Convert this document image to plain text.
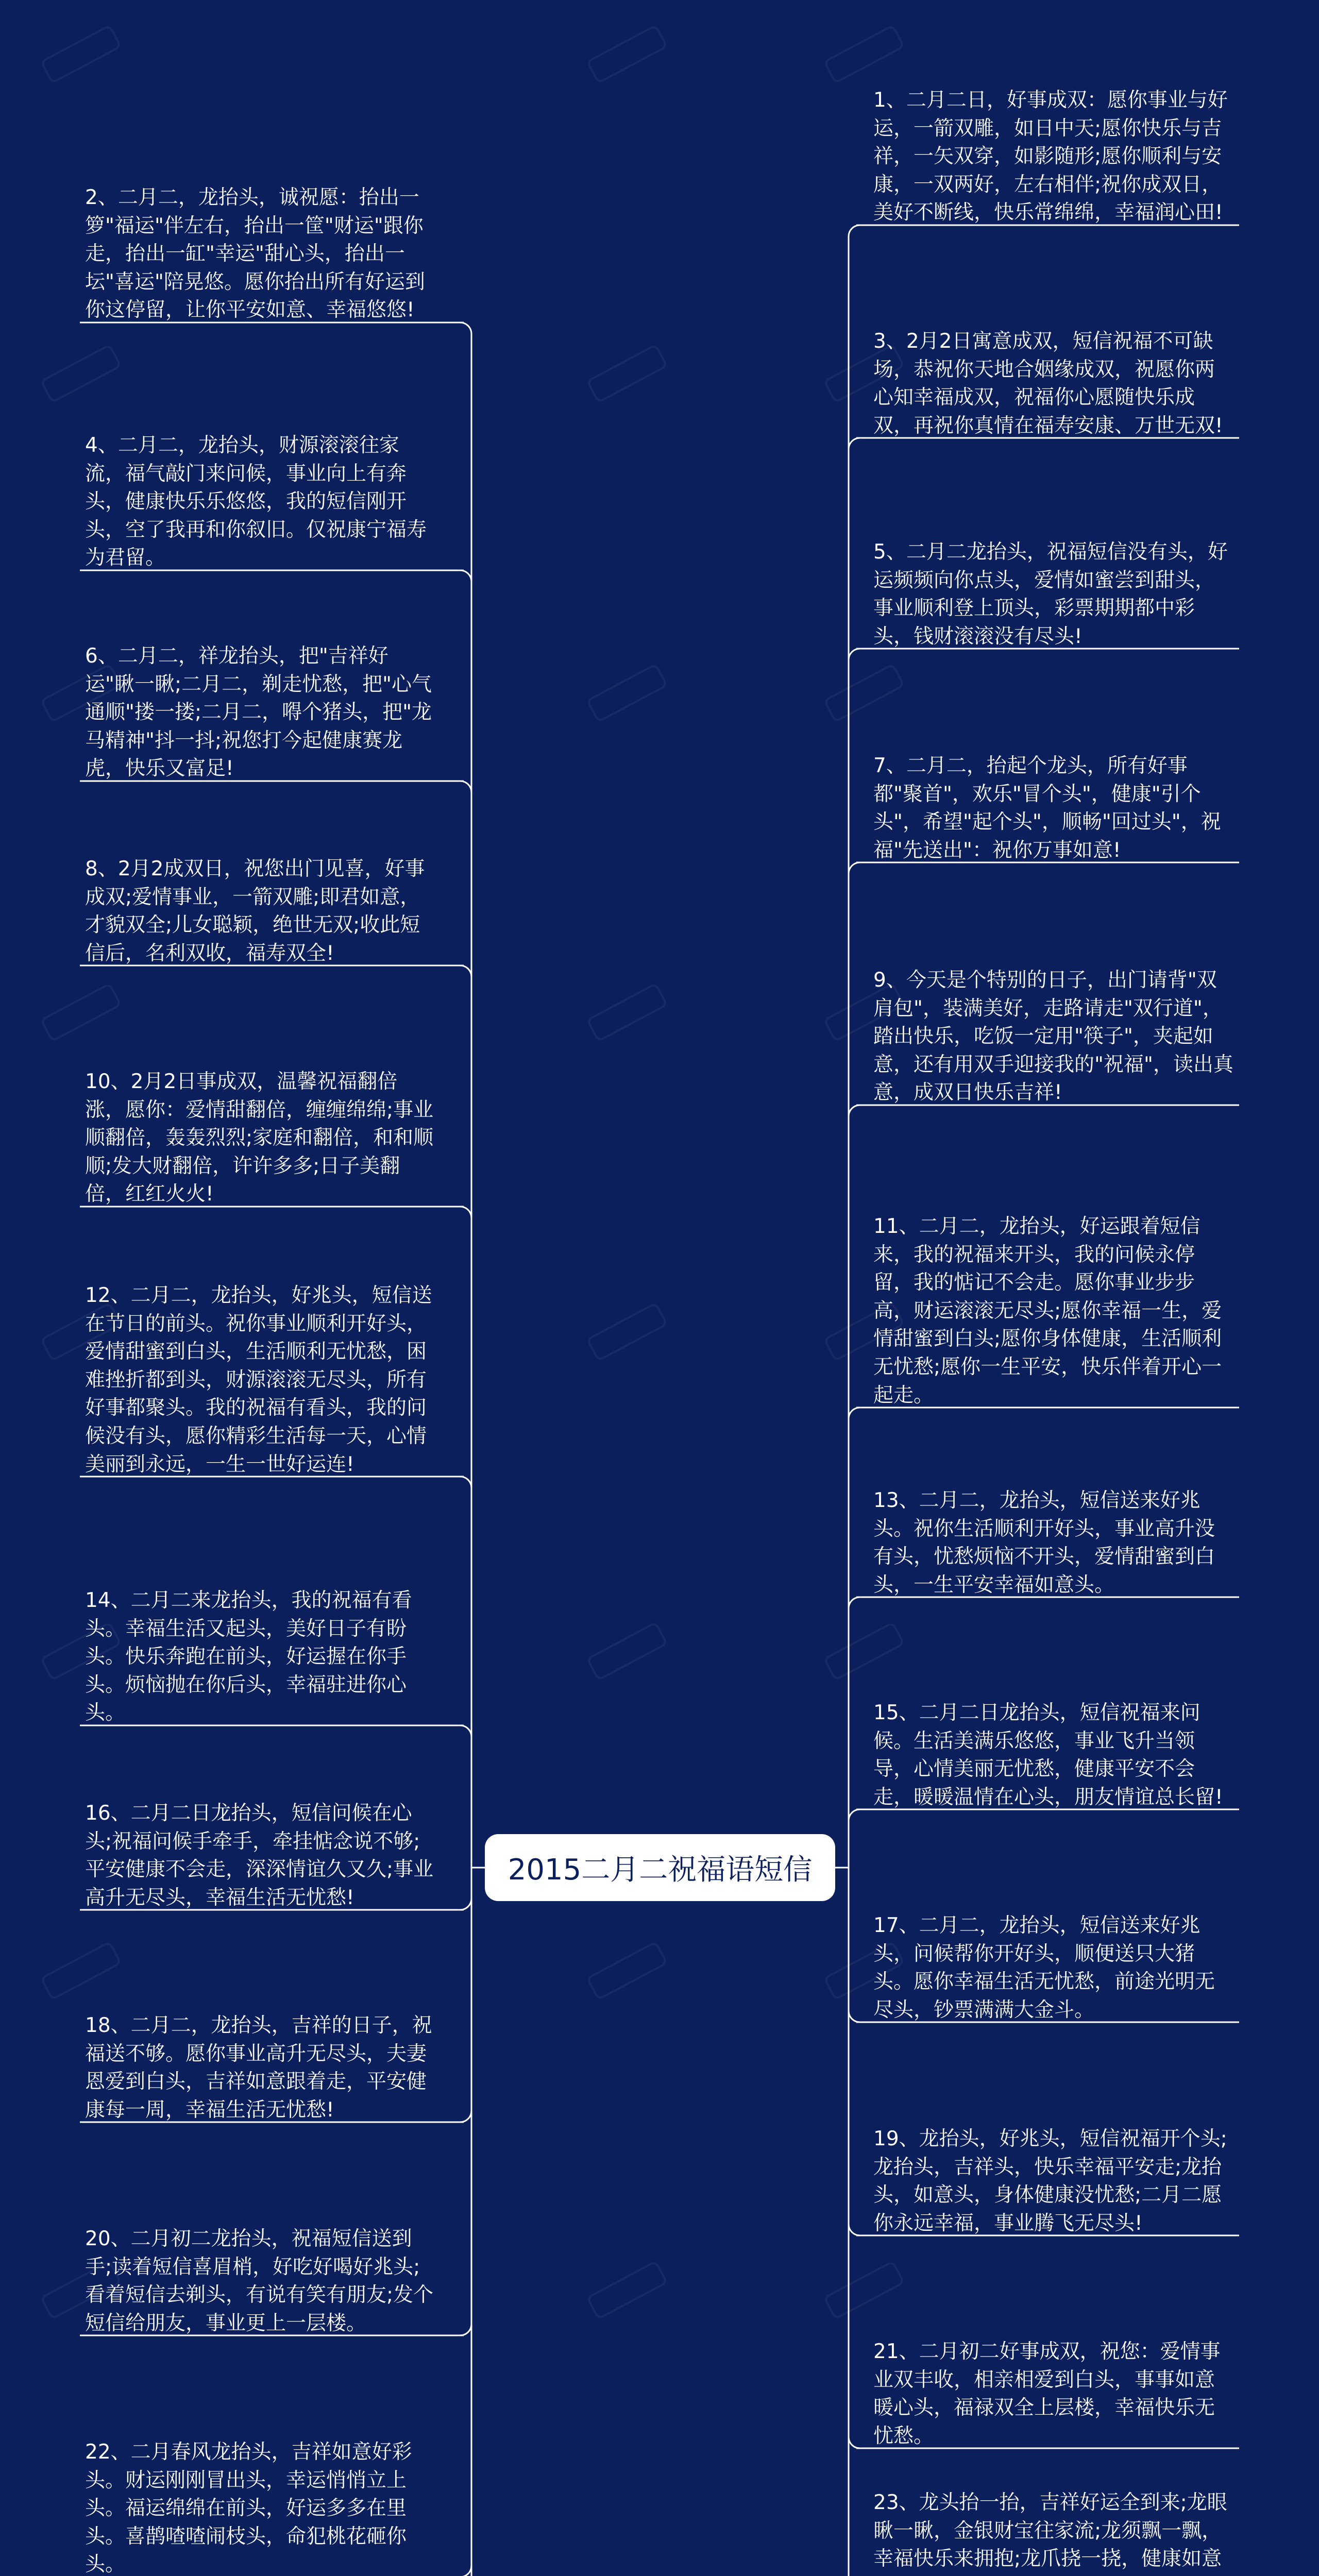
2015二月二祝福语短信

2、二月二，龙抬头，诚祝愿：抬出一箩"福运"伴左右，抬出一筐"财运"跟你走，抬出一缸"幸运"甜心头，抬出一坛"喜运"陪晃悠。愿你抬出所有好运到你这停留，让你平安如意、幸福悠悠!

4、二月二，龙抬头，财源滚滚往家流，福气敲门来问候，事业向上有奔头，健康快乐乐悠悠，我的短信刚开头，空了我再和你叙旧。仅祝康宁福寿为君留。

6、二月二，祥龙抬头，把"吉祥好运"瞅一瞅;二月二，剃走忧愁，把"心气通顺"搂一搂;二月二，嘚个猪头，把"龙马精神"抖一抖;祝您打今起健康赛龙虎，快乐又富足!

8、2月2成双日，祝您出门见喜，好事成双;爱情事业，一箭双雕;即君如意，才貌双全;儿女聪颖，绝世无双;收此短信后，名利双收，福寿双全!

10、2月2日事成双，温馨祝福翻倍涨，愿你：爱情甜翻倍，缠缠绵绵;事业顺翻倍，轰轰烈烈;家庭和翻倍，和和顺顺;发大财翻倍，许许多多;日子美翻倍，红红火火!

12、二月二，龙抬头，好兆头，短信送在节日的前头。祝你事业顺利开好头，爱情甜蜜到白头，生活顺利无忧愁，困难挫折都到头，财源滚滚无尽头，所有好事都聚头。我的祝福有看头，我的问候没有头，愿你精彩生活每一天，心情美丽到永远，一生一世好运连!

14、二月二来龙抬头，我的祝福有看头。幸福生活又起头，美好日子有盼头。快乐奔跑在前头，好运握在你手头。烦恼抛在你后头，幸福驻进你心头。

16、二月二日龙抬头，短信问候在心头;祝福问候手牵手，牵挂惦念说不够;平安健康不会走，深深情谊久又久;事业高升无尽头，幸福生活无忧愁!

18、二月二，龙抬头，吉祥的日子，祝福送不够。愿你事业高升无尽头，夫妻恩爱到白头，吉祥如意跟着走，平安健康每一周，幸福生活无忧愁!

20、二月初二龙抬头，祝福短信送到手;读着短信喜眉梢，好吃好喝好兆头;看着短信去剃头，有说有笑有朋友;发个短信给朋友，事业更上一层楼。

22、二月春风龙抬头，吉祥如意好彩头。财运刚刚冒出头，幸运悄悄立上头。福运绵绵在前头，好运多多在里头。喜鹊喳喳闹枝头，命犯桃花砸你头。

1、二月二日，好事成双：愿你事业与好运，一箭双雕，如日中天;愿你快乐与吉祥，一矢双穿，如影随形;愿你顺利与安康，一双两好，左右相伴;祝你成双日，美好不断线，快乐常绵绵，幸福润心田!

3、2月2日寓意成双，短信祝福不可缺场，恭祝你天地合姻缘成双，祝愿你两心知幸福成双，祝福你心愿随快乐成双，再祝你真情在福寿安康、万世无双!

5、二月二龙抬头，祝福短信没有头，好运频频向你点头，爱情如蜜尝到甜头，事业顺利登上顶头，彩票期期都中彩头，钱财滚滚没有尽头!

7、二月二，抬起个龙头，所有好事都"聚首"，欢乐"冒个头"，健康"引个头"，希望"起个头"，顺畅"回过头"，祝福"先送出"：祝你万事如意!

9、今天是个特别的日子，出门请背"双肩包"，装满美好，走路请走"双行道"，踏出快乐，吃饭一定用"筷子"，夹起如意，还有用双手迎接我的"祝福"，读出真意，成双日快乐吉祥!

11、二月二，龙抬头，好运跟着短信来，我的祝福来开头，我的问候永停留，我的惦记不会走。愿你事业步步高，财运滚滚无尽头;愿你幸福一生，爱情甜蜜到白头;愿你身体健康，生活顺利无忧愁;愿你一生平安，快乐伴着开心一起走。

13、二月二，龙抬头，短信送来好兆头。祝你生活顺利开好头，事业高升没有头，忧愁烦恼不开头，爱情甜蜜到白头，一生平安幸福如意头。

15、二月二日龙抬头，短信祝福来问候。生活美满乐悠悠，事业飞升当领导，心情美丽无忧愁，健康平安不会走，暖暖温情在心头，朋友情谊总长留!

17、二月二，龙抬头，短信送来好兆头，问候帮你开好头，顺便送只大猪头。愿你幸福生活无忧愁，前途光明无尽头，钞票满满大金斗。

19、龙抬头，好兆头，短信祝福开个头;龙抬头，吉祥头，快乐幸福平安走;龙抬头，如意头，身体健康没忧愁;二月二愿你永远幸福，事业腾飞无尽头!

21、二月初二好事成双，祝您：爱情事业双丰收，相亲相爱到白头，事事如意暖心头，福禄双全上层楼，幸福快乐无忧愁。

23、龙头抬一抬，吉祥好运全到来;龙眼瞅一瞅，金银财宝往家流;龙须飘一飘，幸福快乐来拥抱;龙爪挠一挠，健康如意
